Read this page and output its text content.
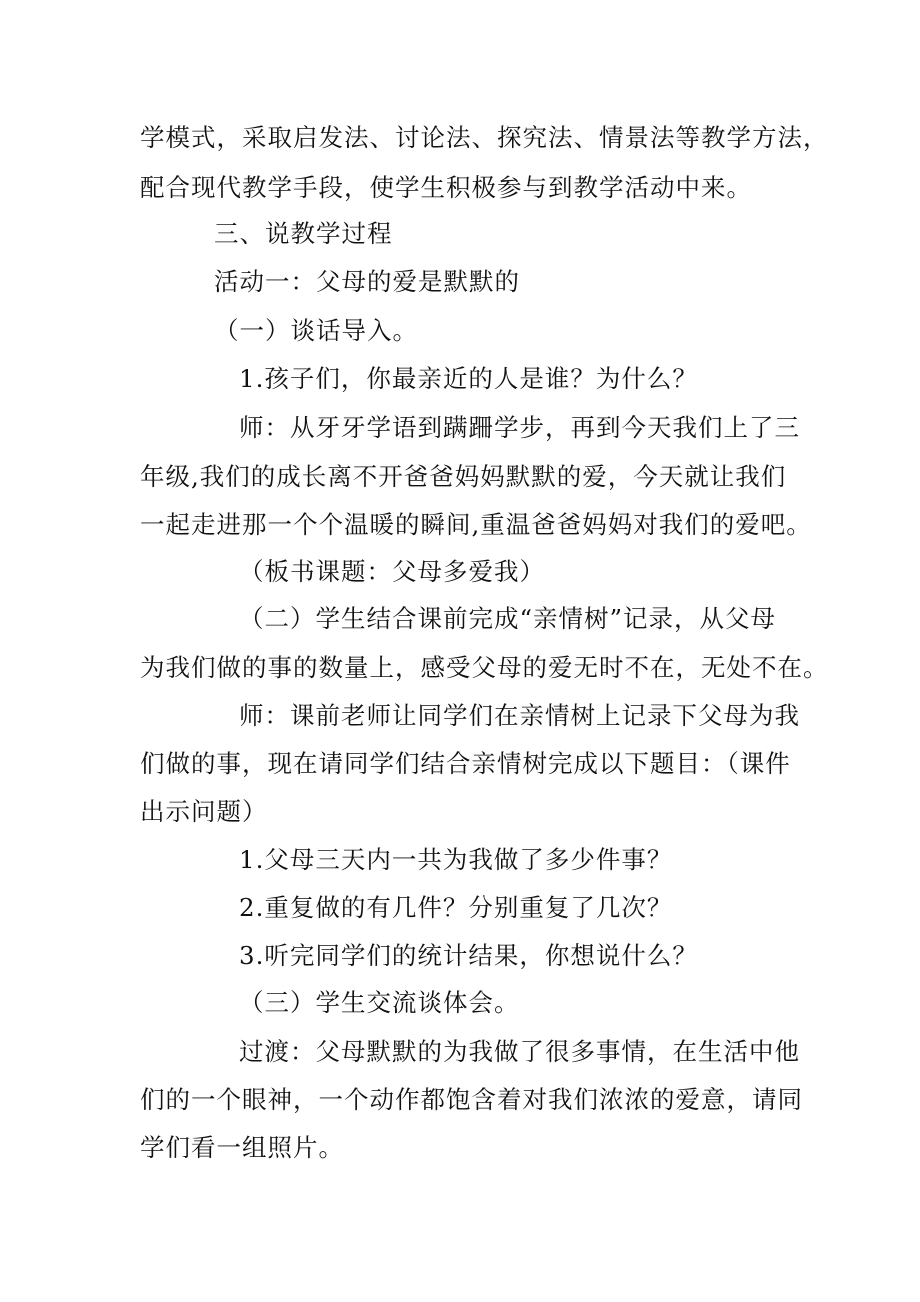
学模式，采取启发法、讨论法、探究法、情景法等教学方法，
配合现代教学手段，使学生积极参与到教学活动中来。
三、说教学过程
活动一：父母的爱是默默的
（一）谈话导入。
1.孩子们，你最亲近的人是谁？为什么？
师：从牙牙学语到蹒跚学步，再到今天我们上了三
年级,我们的成长离不开爸爸妈妈默默的爱，今天就让我们
一起走进那一个个温暖的瞬间,重温爸爸妈妈对我们的爱吧。
（板书课题：父母多爱我）
（二）学生结合课前完成“亲情树”记录，从父母
为我们做的事的数量上，感受父母的爱无时不在，无处不在。
师：课前老师让同学们在亲情树上记录下父母为我
们做的事，现在请同学们结合亲情树完成以下题目：（课件
出示问题）
1.父母三天内一共为我做了多少件事？
2.重复做的有几件？分别重复了几次？
3.听完同学们的统计结果，你想说什么？
（三）学生交流谈体会。
过渡：父母默默的为我做了很多事情，在生活中他
们的一个眼神，一个动作都饱含着对我们浓浓的爱意，请同
学们看一组照片。
